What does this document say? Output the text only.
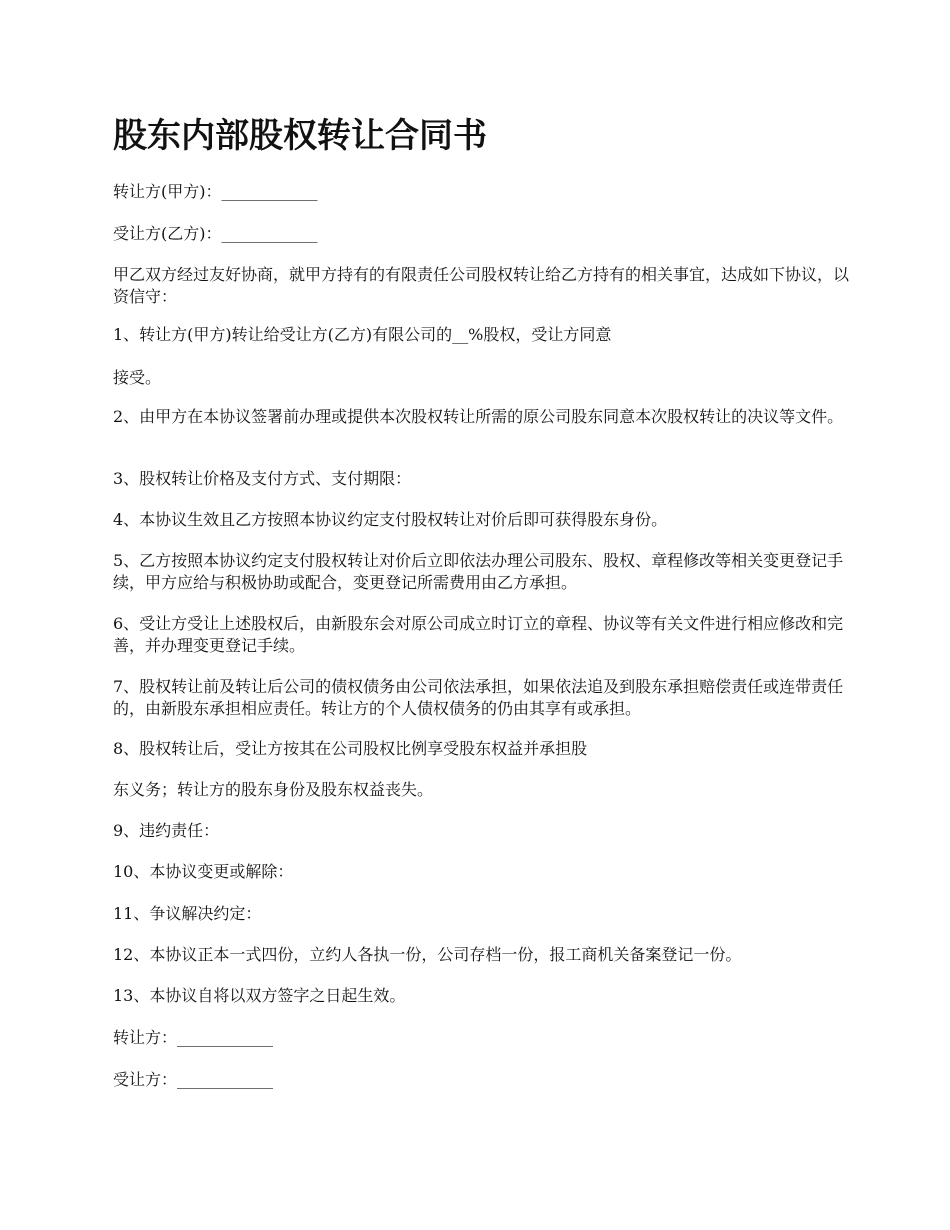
股东内部股权转让合同书

转让方(甲方)：____________

受让方(乙方)：____________

甲乙双方经过友好协商，就甲方持有的有限责任公司股权转让给乙方持有的相关事宜，达成如下协议，以资信守：

1、转让方(甲方)转让给受让方(乙方)有限公司的__%股权，受让方同意

接受。

2、由甲方在本协议签署前办理或提供本次股权转让所需的原公司股东同意本次股权转让的决议等文件。

3、股权转让价格及支付方式、支付期限：

4、本协议生效且乙方按照本协议约定支付股权转让对价后即可获得股东身份。

5、乙方按照本协议约定支付股权转让对价后立即依法办理公司股东、股权、章程修改等相关变更登记手续，甲方应给与积极协助或配合，变更登记所需费用由乙方承担。

6、受让方受让上述股权后，由新股东会对原公司成立时订立的章程、协议等有关文件进行相应修改和完善，并办理变更登记手续。

7、股权转让前及转让后公司的债权债务由公司依法承担，如果依法追及到股东承担赔偿责任或连带责任的，由新股东承担相应责任。转让方的个人债权债务的仍由其享有或承担。

8、股权转让后，受让方按其在公司股权比例享受股东权益并承担股

东义务；转让方的股东身份及股东权益丧失。

9、违约责任：

10、本协议变更或解除：

11、争议解决约定：

12、本协议正本一式四份，立约人各执一份，公司存档一份，报工商机关备案登记一份。

13、本协议自将以双方签字之日起生效。

转让方：____________

受让方：____________
